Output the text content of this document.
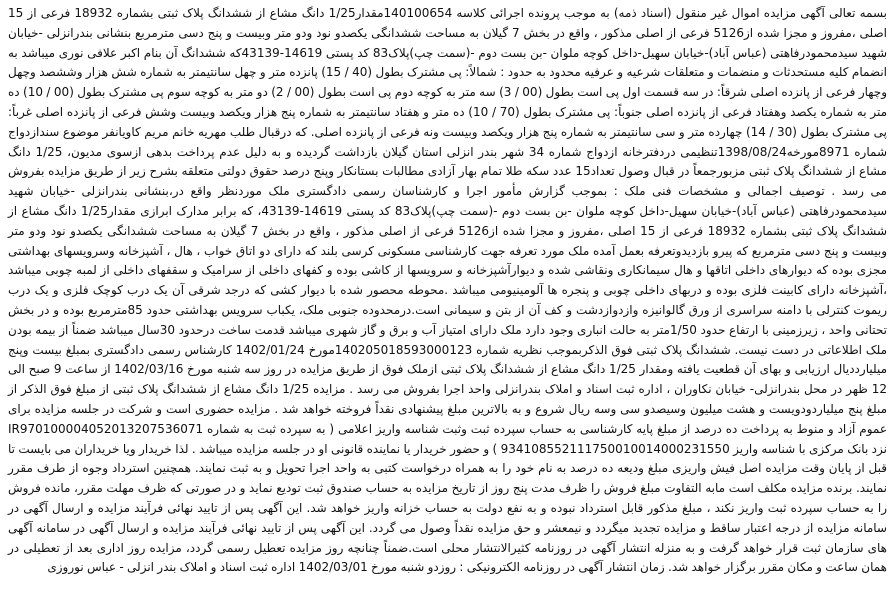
بسمه تعالی آگهی مزایده اموال غیر منقول (اسناد ذمه) به موجب پرونده اجرائی کلاسه 140100654مقدار1/25 دانگ مشاع از ششدانگ پلاک ثبتی بشماره 18932 فرعی از 15 اصلی ،مفروز و مجزا شده از5126 فرعی از اصلی مذکور ، واقع در بخش 7 گیلان به مساحت ششدانگی یکصدو نود ودو متر وبیست و پنج دسی مترمربع بنشانی بندرانزلی -خیابان شهید سیدمحمودرفاهتی (عباس آباد)-خیابان سهیل-داخل کوچه ملوان -بن بست دوم -(سمت چپ)پلاک83 کد پستی 14619-43139که ششدانگ آن بنام اکبر علافی نوری میباشد به انضمام کلیه مستحدثات و منضمات و متعلقات شرعیه و عرفیه محدود به حدود : شمالاً: پی مشترک بطول (40 / 15) پانزده متر و چهل سانتیمتر به شماره شش هزار وششصد وچهل وچهار فرعی از پانزده اصلی شرقاً: در سه قسمت اول پی است بطول (00 / 3) سه متر به کوچه دوم پی است بطول (00 / 2) دو متر به کوچه سوم پی مشترک بطول (00 / 10) ده متر به شماره یکصد وهفتاد فرعی از پانزده اصلی جنوباً: پی مشترک بطول (70 / 10) ده متر و هفتاد سانتیمتر به شماره پنج هزار ویکصد وبیست وشش فرعی از پانزده اصلی غرباً: پی مشترک بطول (30 / 14) چهارده متر و سی سانتیمتر به شماره پنج هزار ویکصد وبیست ونه فرعی از پانزده اصلی. که درقبال طلب مهریه خانم مریم کاویانفر موضوع سندازدواج شماره 8971مورخه1398/08/24تنظیمی دردفترخانه ازدواج شماره 34 شهر بندر انزلی استان گیلان بازداشت گردیده و به دلیل عدم پرداخت بدهی ازسوی مدیون، 1/25 دانگ مشاع از ششدانگ پلاک ثبتی مزبورجمعاً در قبال وصول تعداد15 عدد سکه طلا تمام بهار آزادی مطالبات بستانکار وپنج درصد حقوق دولتی متعلقه بشرح زیر از طریق مزایده بفروش می رسد . توصیف اجمالی و مشخصات فنی ملک : بموجب گزارش مأمور اجرا و کارشناسان رسمی دادگستری ملک موردنظر واقع در،بنشانی بندرانزلی -خیابان شهید سیدمحمودرفاهتی (عباس آباد)-خیابان سهیل-داخل کوچه ملوان -بن بست دوم -(سمت چپ)پلاک83 کد پستی 14619-43139، که برابر مدارک ابرازی مقدار1/25 دانگ مشاع از ششدانگ پلاک ثبتی بشماره 18932 فرعی از 15 اصلی ،مفروز و مجزا شده از5126 فرعی از اصلی مذکور ، واقع در بخش 7 گیلان به مساحت ششدانگی یکصدو نود ودو متر وبیست و پنج دسی مترمربع که پیرو بازدیدوتعرفه بعمل آمده ملک مورد تعرفه جهت کارشناسی مسکونی کرسی بلند که دارای دو اتاق خواب ، هال ، آشپزخانه وسرویسهای بهداشتی مجزی بوده که دیوارهای داخلی اتاقها و هال سیمانکاری ونقاشی شده و دیوارآشپزخانه و سرویسها از کاشی بوده و کفهای داخلی از سرامیک و سقفهای داخلی از لمبه چوبی میباشد ،آشپزخانه دارای کابینت فلزی بوده و دربهای داخلی چوبی و پنجره ها آلومینیومی میباشد .محوطه محصور شده با دیوار کشی که درجد شرقی آن یک درب کوچک فلزی و یک درب ریموت کنترلی با دامنه سراسری از ورق گالوانیزه وازدوازدشت و کف آن از بتن و سیمانی است.درمحدوده جنوبی ملک، یکباب سرویس بهداشتی حدود 85مترمربع بوده و در بخش تحتانی واحد ، زیرزمینی با ارتفاع حدود 1/50متر به حالت انباری وجود دارد ملک دارای امتیاز آب و برق و گاز شهری میباشد قدمت ساخت درحدود 30سال میباشد ضمناً از بیمه بودن ملک اطلاعاتی در دست نیست. ششدانگ پلاک ثبتی فوق الذکربموجب نظریه شماره 140205018593000123مورخ 1402/01/24 کارشناس رسمی دادگستری بمبلغ بیست وپنج میلیارددیال ارزیابی و بهای آن قطعیت یافته ومقدار 1/25 دانگ مشاع از ششدانگ پلاک ثبتی ازملک فوق از طریق مزایده در روز سه شنبه مورخ 1402/03/16 از ساعت 9 صبح الی 12 ظهر در محل بندرانزلی- خیابان نکاوران ، اداره ثبت اسناد و املاک بندرانزلی واحد اجرا بفروش می رسد . مزایده 1/25 دانگ مشاع از ششدانگ پلاک ثبتی از مبلغ فوق الذکر از مبلغ پنج میلیاردودویست و هشت میلیون وسیصدو سی وسه ریال شروع و به بالاترین مبلغ پیشنهادی نقداً فروخته خواهد شد . مزایده حضوری است و شرکت در جلسه مزایده برای عموم آزاد و منوط به پرداخت ده درصد از مبلغ پایه کارشناسی به حساب سپرده ثبت وثبت شناسه واریز اعلامی ( به سپرده ثبت به شماره IR970100004052013207536071 نزد بانک مرکزی با شناسه واریز 934108552111750010014000231550 ) و حضور خریدار یا نماینده قانونی او در جلسه مزایده میباشد . لذا خریدار ویا خریداران می بایست تا قبل از پایان وقت مزایده اصل فیش واریزی مبلغ ودیعه ده درصد به نام خود را به همراه درخواست کتبی به واحد اجرا تحویل و به ثبت نمایند. همچنین استرداد وجوه از طرف مقرر نمایند. برنده مزایده مکلف است مابه التفاوت مبلغ فروش را ظرف مدت پنج روز از تاریخ مزایده به حساب صندوق ثبت تودیع نماید و در صورتی که ظرف مهلت مقرر، مانده فروش را به حساب سپرده ثبت واریز نکند ، مبلغ مذکور قابل استرداد نبوده و به نفع دولت به حساب خزانه واریز خواهد شد. این آگهی پس از تایید نهائی فرآیند مزایده و ارسال آگهی در سامانه مزایده از درجه اعتبار ساقط و مزایده تجدید میگردد و نیمعشر و حق مزایده نقداً وصول می گردد. این آگهی پس از تایید نهائی فرآیند مزایده و ارسال آگهی در سامانه آگهی های سازمان ثبت قرار خواهد گرفت و به منزله انتشار آگهی در روزنامه کثیرالانتشار محلی است.ضمناً چنانچه روز مزایده تعطیل رسمی گردد، مزایده روز اداری بعد از تعطیلی در همان ساعت و مکان مقرر برگزار خواهد شد. زمان انتشار آگهی در روزنامه الکترونیکی : روزدو شنبه مورخ 1402/03/01 اداره ثبت اسناد و املاک بندر انزلی - عباس نوروزی
